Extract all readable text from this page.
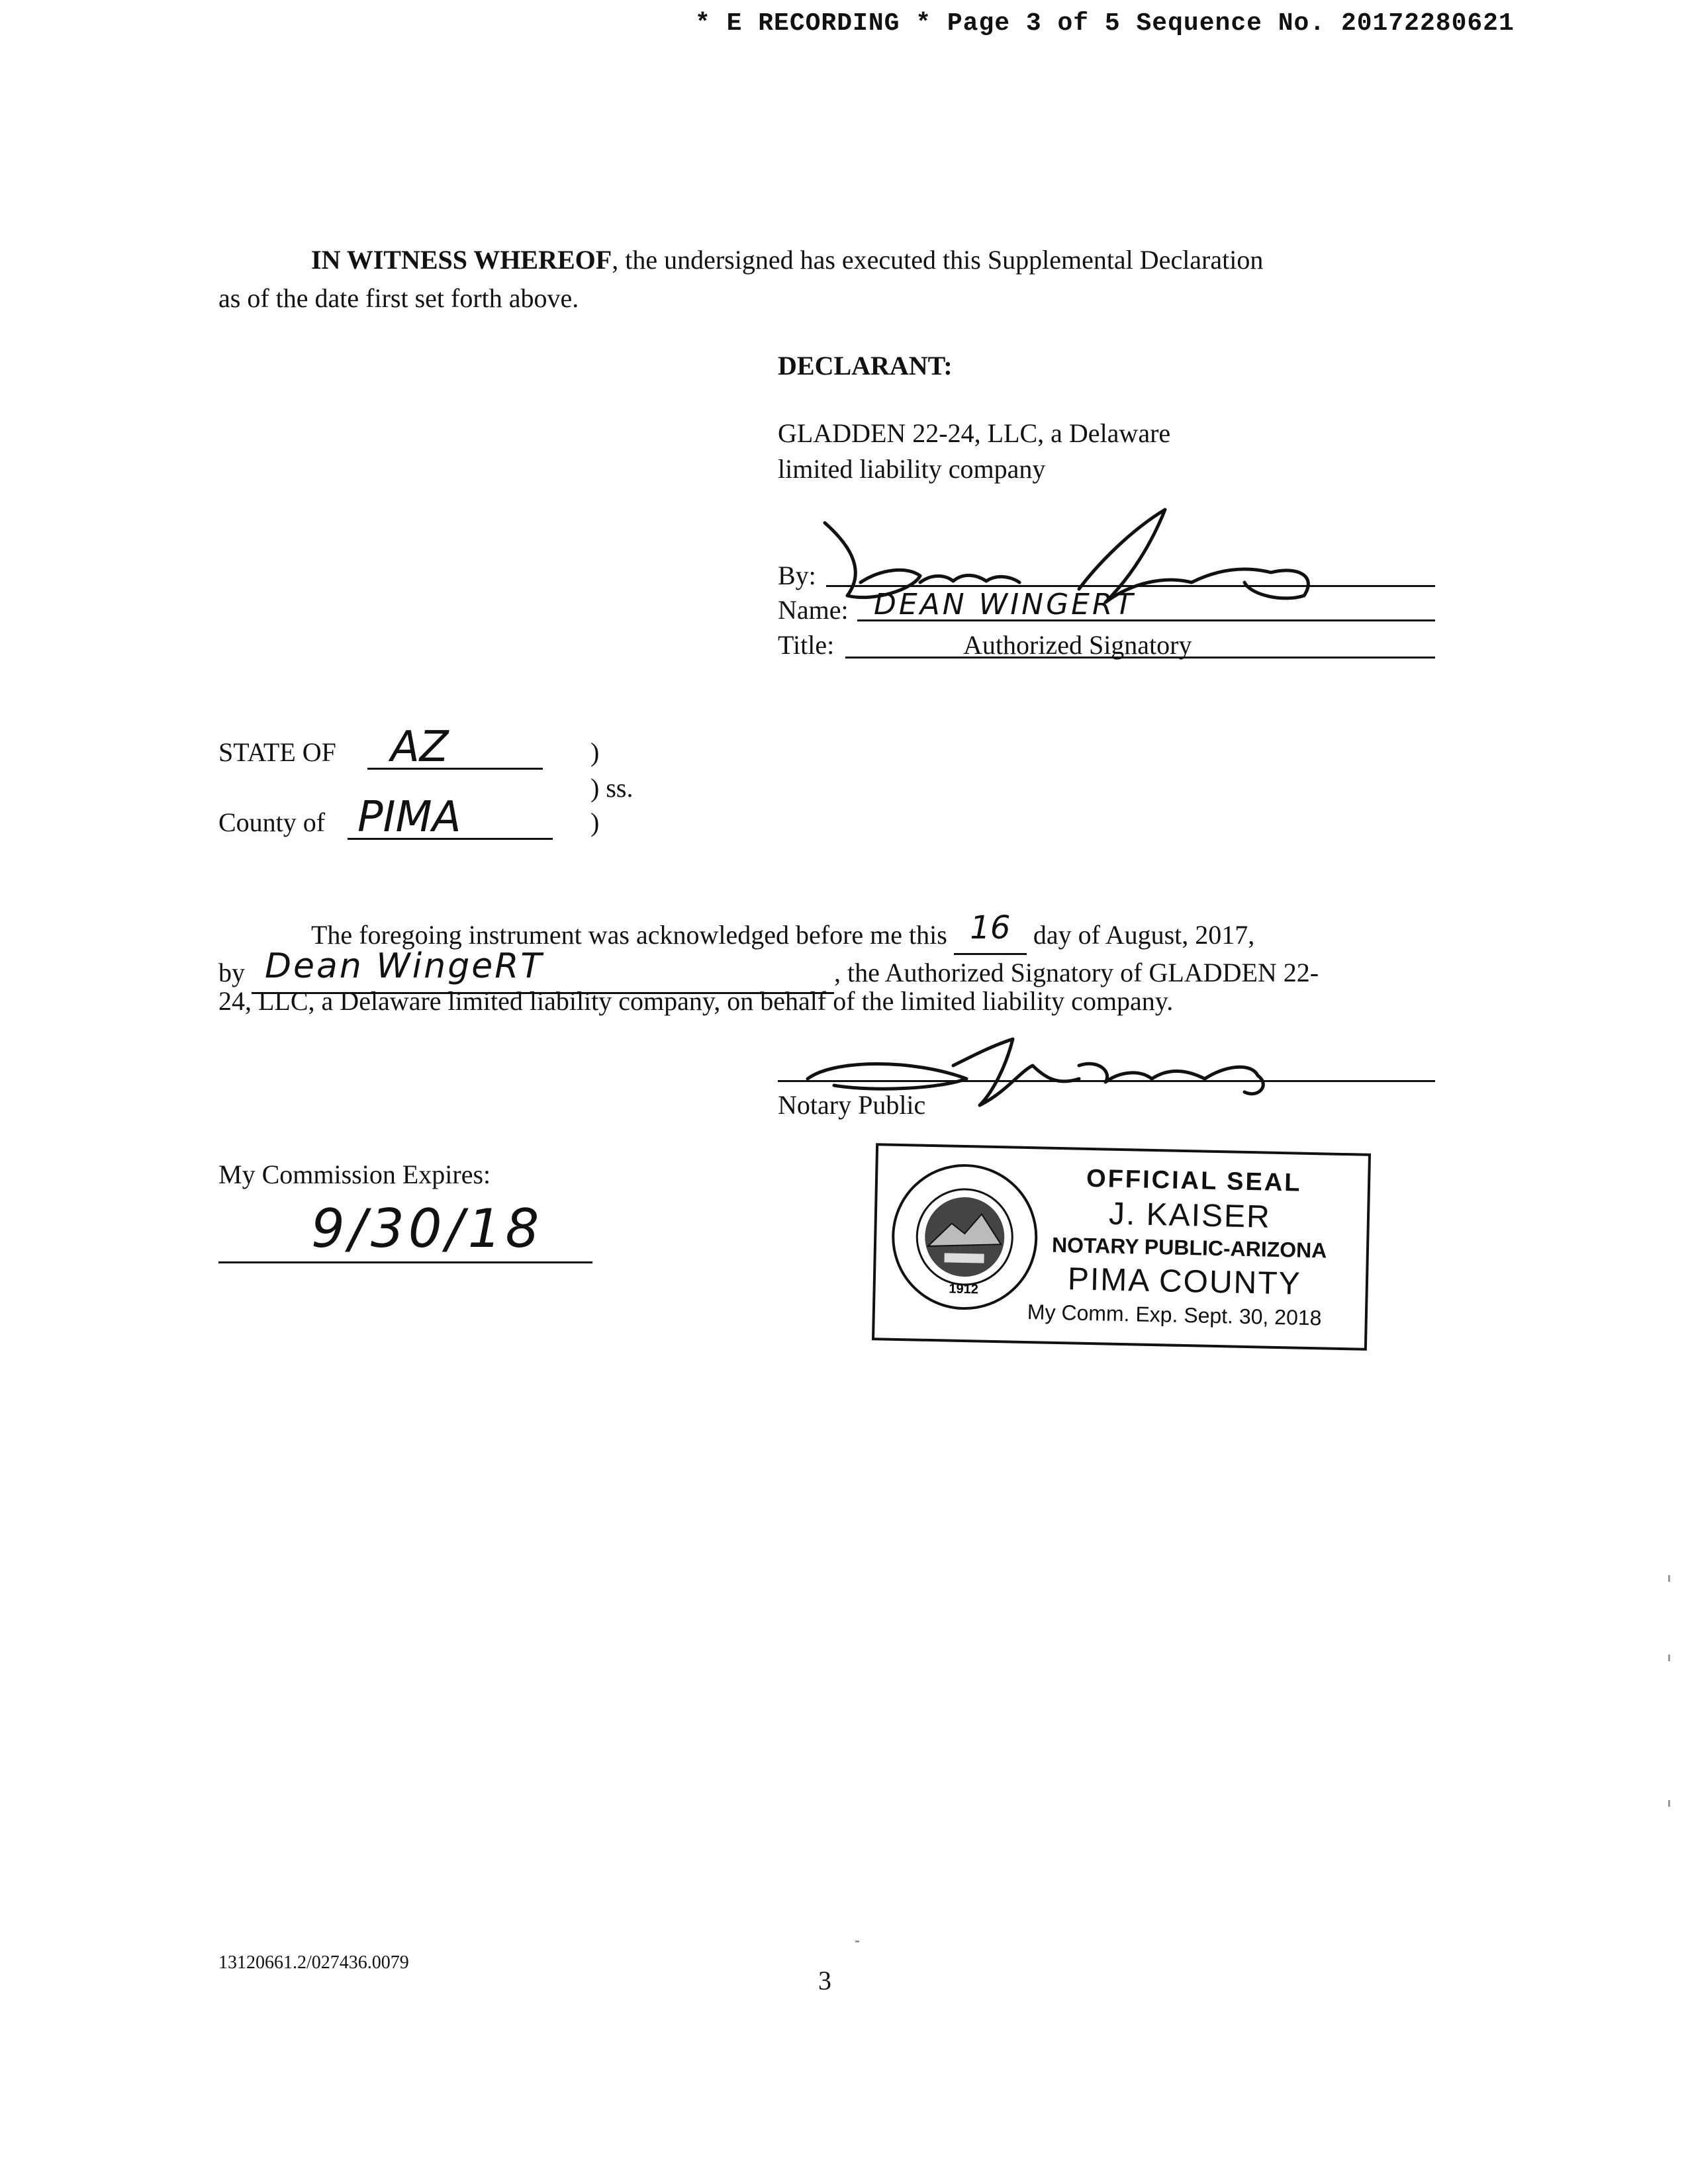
* E RECORDING * Page 3 of 5 Sequence No. 20172280621
IN WITNESS WHEREOF, the undersigned has executed this Supplemental Declaration
as of the date first set forth above.
DECLARANT:
GLADDEN 22-24, LLC, a Delaware
limited liability company
By:
Name: DEAN WINGERT
Title:	Authorized Signatory
STATE OF AZ	)
) ss.
County of PIMA	)
The foregoing instrument was acknowledged before me this 16 day of August, 2017,
by Dean WingeRT	, the Authorized Signatory of GLADDEN 22-
24, LLC, a Delaware limited liability company, on behalf of the limited liability company.
Notary Public
My Commission Expires:
9/30/18
1912
OFFICIAL SEAL
J. KAISER
NOTARY PUBLIC-ARIZONA
PIMA COUNTY
My Comm. Exp. Sept. 30, 2018
13120661.2/027436.0079
3
